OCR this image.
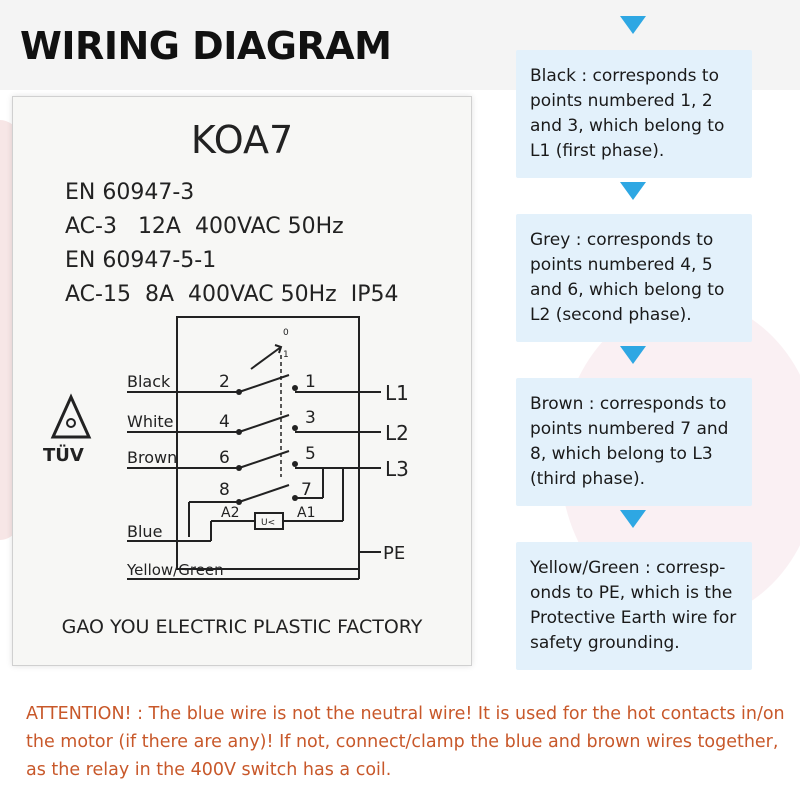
WIRING DIAGRAM
KOA7
EN 60947-3
AC-3   12A  400VAC 50Hz
EN 60947-5-1
AC-15  8A  400VAC 50Hz  IP54
0
1
Black	2	1	L1
White	4	3
L2
Brown 6	5
L3
8	7
A2
U<
A1
Blue
PE
Yellow/Green
TÜV
GAO YOU ELECTRIC PLASTIC FACTORY
Black : corresponds to points numbered 1, 2 and 3, which belong to L1 (first phase).
Grey : corresponds to points numbered 4, 5 and 6, which belong to L2 (second phase).
Brown : corresponds to points numbered 7 and 8, which belong to L3 (third phase).
Yellow/Green : corresp-onds to PE, which is the Protective Earth wire for safety grounding.

ATTENTION! : The blue wire is not the neutral wire! It is used for the hot contacts in/on the motor (if there are any)! If not, connect/clamp the blue and brown wires together, as the relay in the 400V switch has a coil.
